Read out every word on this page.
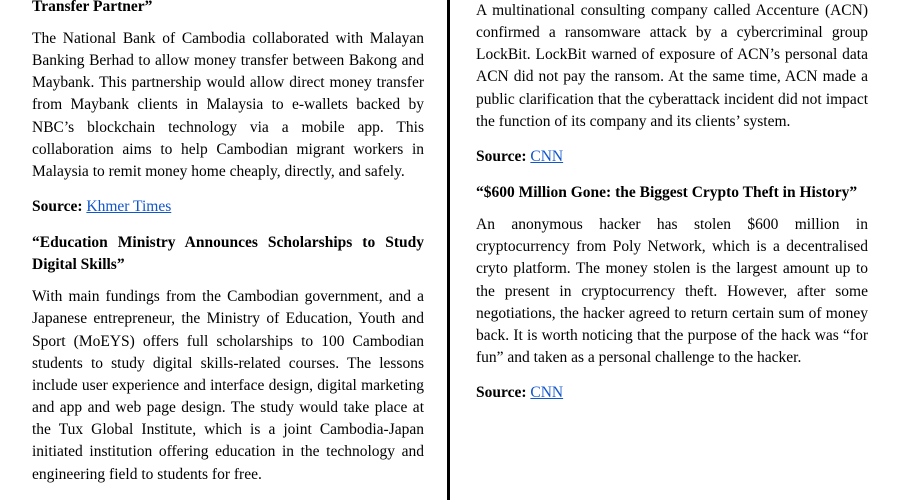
Transfer Partner”

The National Bank of Cambodia collaborated with Malayan Banking Berhad to allow money transfer between Bakong and Maybank. This partnership would allow direct money transfer from Maybank clients in Malaysia to e-wallets backed by NBC’s blockchain technology via a mobile app. This collaboration aims to help Cambodian migrant workers in Malaysia to remit money home cheaply, directly, and safely.

Source: Khmer Times

“Education Ministry Announces Scholarships to Study Digital Skills”

With main fundings from the Cambodian government, and a Japanese entrepreneur, the Ministry of Education, Youth and Sport (MoEYS) offers full scholarships to 100 Cambodian students to study digital skills-related courses. The lessons include user experience and interface design, digital marketing and app and web page design. The study would take place at the Tux Global Institute, which is a joint Cambodia-Japan initiated institution offering education in the technology and engineering field to students for free.

A multinational consulting company called Accenture (ACN) confirmed a ransomware attack by a cybercriminal group LockBit. LockBit warned of exposure of ACN’s personal data ACN did not pay the ransom. At the same time, ACN made a public clarification that the cyberattack incident did not impact the function of its company and its clients’ system.

Source: CNN

“$600 Million Gone: the Biggest Crypto Theft in History”

An anonymous hacker has stolen $600 million in cryptocurrency from Poly Network, which is a decentralised cryto platform. The money stolen is the largest amount up to the present in cryptocurrency theft. However, after some negotiations, the hacker agreed to return certain sum of money back. It is worth noticing that the purpose of the hack was “for fun” and taken as a personal challenge to the hacker.

Source: CNN
